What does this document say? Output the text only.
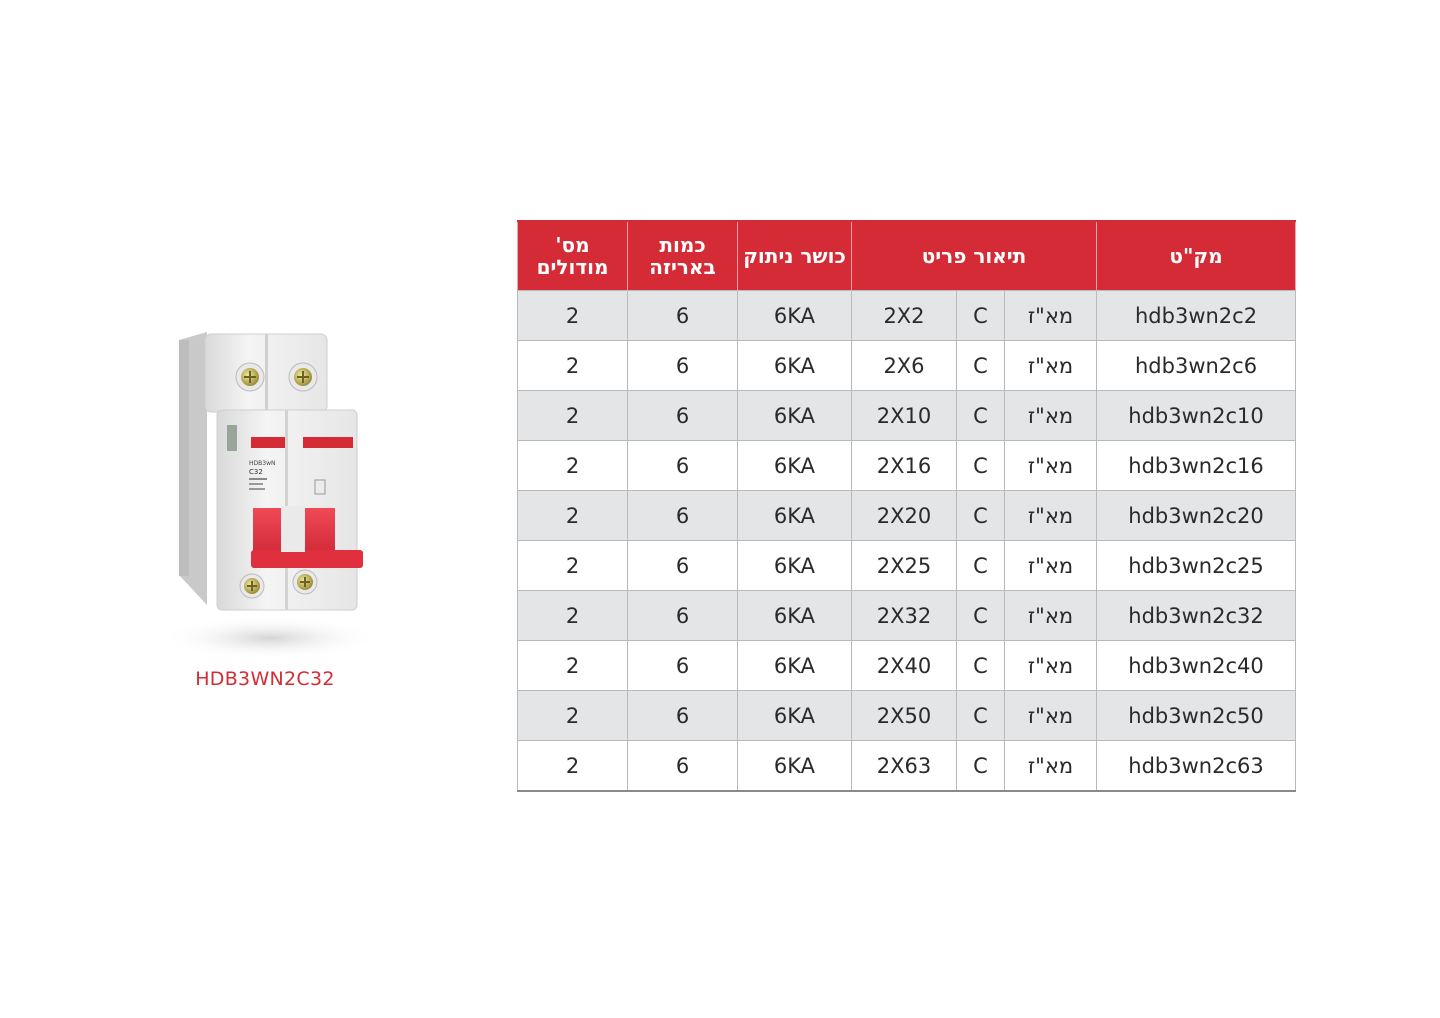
HDB3wN
C32
HDB3WN2C32
מס' מודולים	כמות באריזה	כושר ניתוק	תיאור פריט			מק"ט
2	6	6KA	2X2	C	מא"ז	hdb3wn2c2
2	6	6KA	2X6	C	מא"ז	hdb3wn2c6
2	6	6KA	2X10	C	מא"ז	hdb3wn2c10
2	6	6KA	2X16	C	מא"ז	hdb3wn2c16
2	6	6KA	2X20	C	מא"ז	hdb3wn2c20
2	6	6KA	2X25	C	מא"ז	hdb3wn2c25
2	6	6KA	2X32	C	מא"ז	hdb3wn2c32
2	6	6KA	2X40	C	מא"ז	hdb3wn2c40
2	6	6KA	2X50	C	מא"ז	hdb3wn2c50
2	6	6KA	2X63	C	מא"ז	hdb3wn2c63
